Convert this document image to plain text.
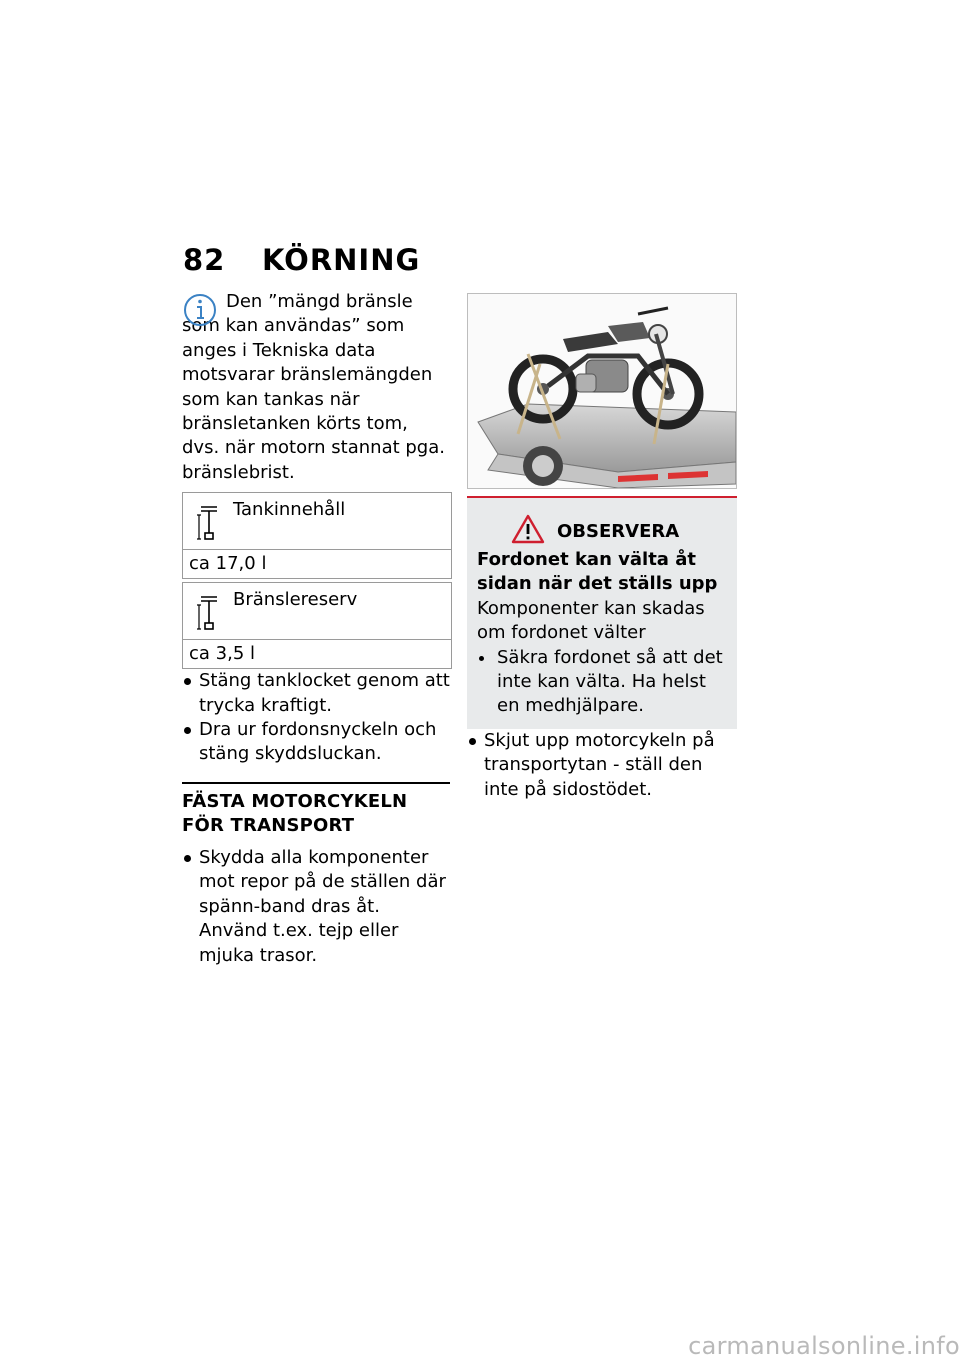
82 KÖRNING

Den ”mängd bränsle som kan användas” som anges i Tekniska data motsvarar bränslemängden som kan tankas när bränsletanken körts tom, dvs. när motorn stannat pga. bränslebrist.

Tankinnehåll
ca 17,0 l
Bränslereserv
ca 3,5 l
Stäng tanklocket genom att trycka kraftigt.
Dra ur fordonsnyckeln och stäng skyddsluckan.
FÄSTA MOTORCYKELN FÖR TRANSPORT
Skydda alla komponenter mot repor på de ställen där spänn-band dras åt. Använd t.ex. tejp eller mjuka trasor.
OBSERVERA
Fordonet kan välta åt sidan när det ställs upp
Komponenter kan skadas om fordonet välter
Säkra fordonet så att det inte kan välta. Ha helst en medhjälpare.
Skjut upp motorcykeln på transportytan - ställ den inte på sidostödet.
carmanualsonline.info
